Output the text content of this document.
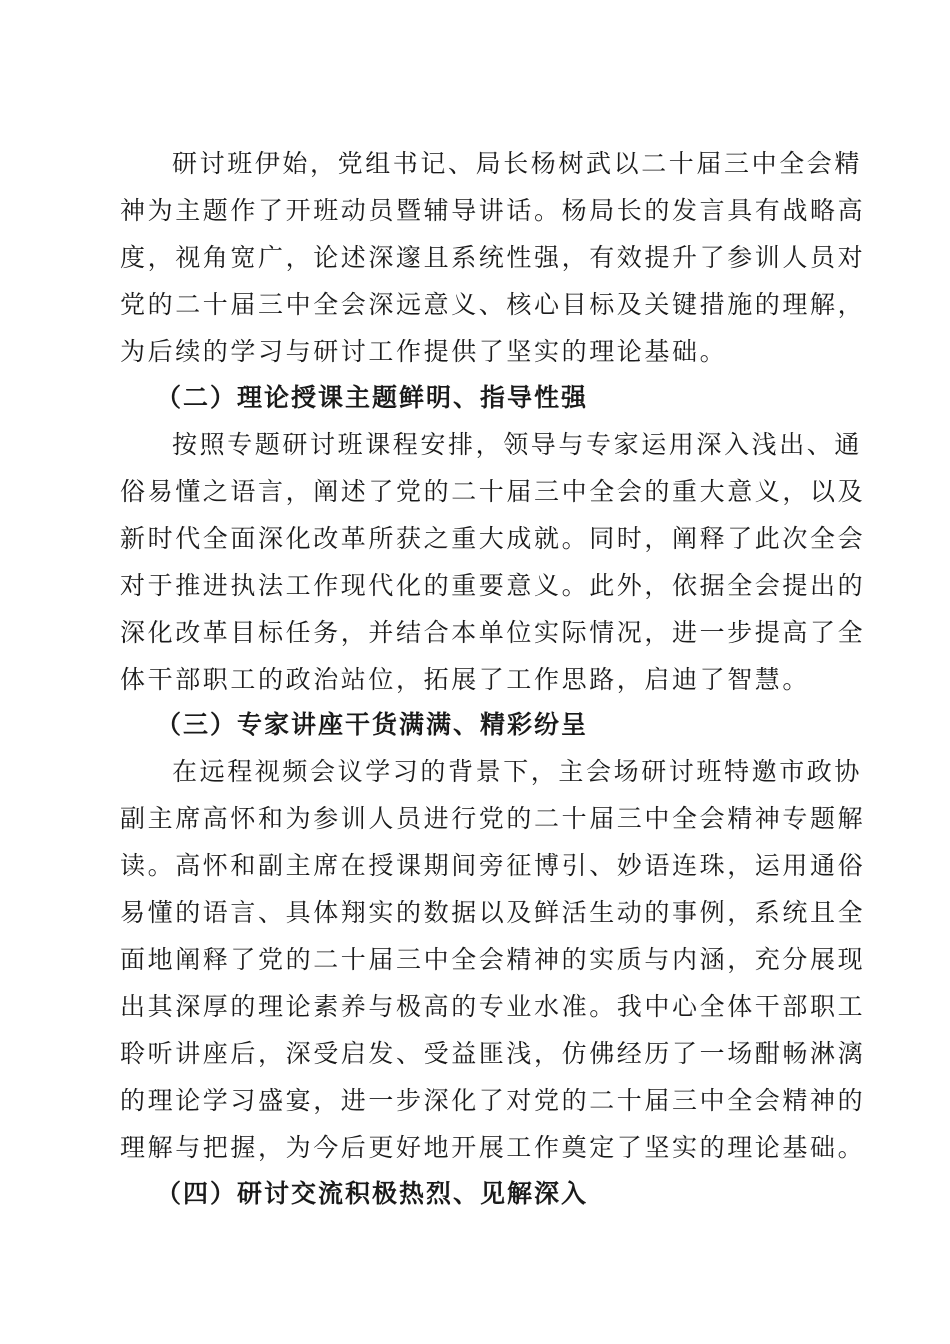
研讨班伊始，党组书记、局长杨树武以二十届三中全会精
神为主题作了开班动员暨辅导讲话。杨局长的发言具有战略高
度，视角宽广，论述深邃且系统性强，有效提升了参训人员对
党的二十届三中全会深远意义、核心目标及关键措施的理解，
为后续的学习与研讨工作提供了坚实的理论基础。
（二）理论授课主题鲜明、指导性强
按照专题研讨班课程安排，领导与专家运用深入浅出、通
俗易懂之语言，阐述了党的二十届三中全会的重大意义，以及
新时代全面深化改革所获之重大成就。同时，阐释了此次全会
对于推进执法工作现代化的重要意义。此外，依据全会提出的
深化改革目标任务，并结合本单位实际情况，进一步提高了全
体干部职工的政治站位，拓展了工作思路，启迪了智慧。
（三）专家讲座干货满满、精彩纷呈
在远程视频会议学习的背景下，主会场研讨班特邀市政协
副主席高怀和为参训人员进行党的二十届三中全会精神专题解
读。高怀和副主席在授课期间旁征博引、妙语连珠，运用通俗
易懂的语言、具体翔实的数据以及鲜活生动的事例，系统且全
面地阐释了党的二十届三中全会精神的实质与内涵，充分展现
出其深厚的理论素养与极高的专业水准。我中心全体干部职工
聆听讲座后，深受启发、受益匪浅，仿佛经历了一场酣畅淋漓
的理论学习盛宴，进一步深化了对党的二十届三中全会精神的
理解与把握，为今后更好地开展工作奠定了坚实的理论基础。
（四）研讨交流积极热烈、见解深入
